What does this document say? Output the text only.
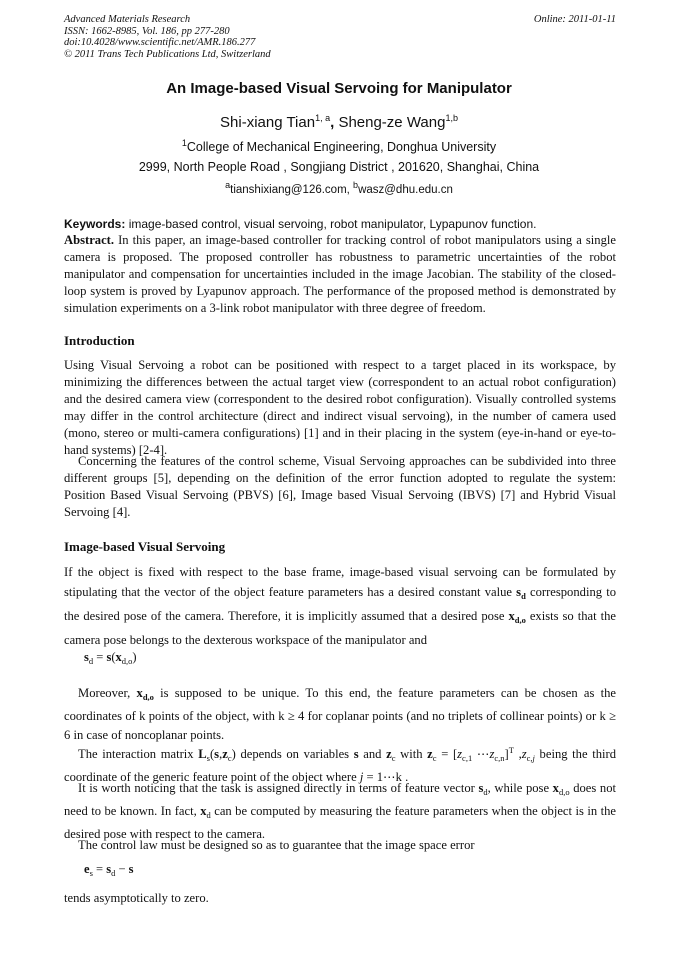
Advanced Materials Research
ISSN: 1662-8985, Vol. 186, pp 277-280
doi:10.4028/www.scientific.net/AMR.186.277
© 2011 Trans Tech Publications Ltd, Switzerland
Online: 2011-01-11
An Image-based Visual Servoing for Manipulator
Shi-xiang Tian$^{1, a}$, Sheng-ze Wang$^{1,b}$
$^1$College of Mechanical Engineering, Donghua University
2999, North People Road , Songjiang District , 201620, Shanghai, China
$^a$tianshixiang@126.com, $^b$wasz@dhu.edu.cn
Keywords: image-based control, visual servoing, robot manipulator, Lypapunov function.
Abstract. In this paper, an image-based controller for tracking control of robot manipulators using a single camera is proposed. The proposed controller has robustness to parametric uncertainties of the robot manipulator and compensation for uncertainties included in the image Jacobian. The stability of the closed-loop system is proved by Lyapunov approach. The performance of the proposed method is demonstrated by simulation experiments on a 3-link robot manipulator with three degree of freedom.
Introduction
Using Visual Servoing a robot can be positioned with respect to a target placed in its workspace, by minimizing the differences between the actual target view (correspondent to an actual robot configuration) and the desired camera view (correspondent to the desired robot configuration). Visually controlled systems may differ in the control architecture (direct and indirect visual servoing), in the number of camera used (mono, stereo or multi-camera configurations) [1] and in their placing in the system (eye-in-hand or eye-to-hand systems) [2-4].
Concerning the features of the control scheme, Visual Servoing approaches can be subdivided into three different groups [5], depending on the definition of the error function adopted to regulate the system: Position Based Visual Servoing (PBVS) [6], Image based Visual Servoing (IBVS) [7] and Hybrid Visual Servoing [4].
Image-based Visual Servoing
If the object is fixed with respect to the base frame, image-based visual servoing can be formulated by stipulating that the vector of the object feature parameters has a desired constant value $s_d$ corresponding to the desired pose of the camera. Therefore, it is implicitly assumed that a desired pose $x_{d,o}$ exists so that the camera pose belongs to the dexterous workspace of the manipulator and
$s_d = s(x_{d,o})$
Moreover, $x_{d,o}$ is supposed to be unique. To this end, the feature parameters can be chosen as the coordinates of k points of the object, with k ≥ 4 for coplanar points (and no triplets of collinear points) or k ≥ 6 in case of noncoplanar points.
The interaction matrix $L_s(s,z_c)$ depends on variables s and $z_c$ with $z_c = [z_{c,1}$ $\cdots z_{c,n}]^T$ $,z_{c,j}$ being the third coordinate of the generic feature point of the object where j = 1⋯k .
It is worth noticing that the task is assigned directly in terms of feature vector $s_d$, while pose $x_{d,o}$ does not need to be known. In fact, $x_d$ can be computed by measuring the feature parameters when the object is in the desired pose with respect to the camera.
The control law must be designed so as to guarantee that the image space error
$e_s = s_d - s$
tends asymptotically to zero.
